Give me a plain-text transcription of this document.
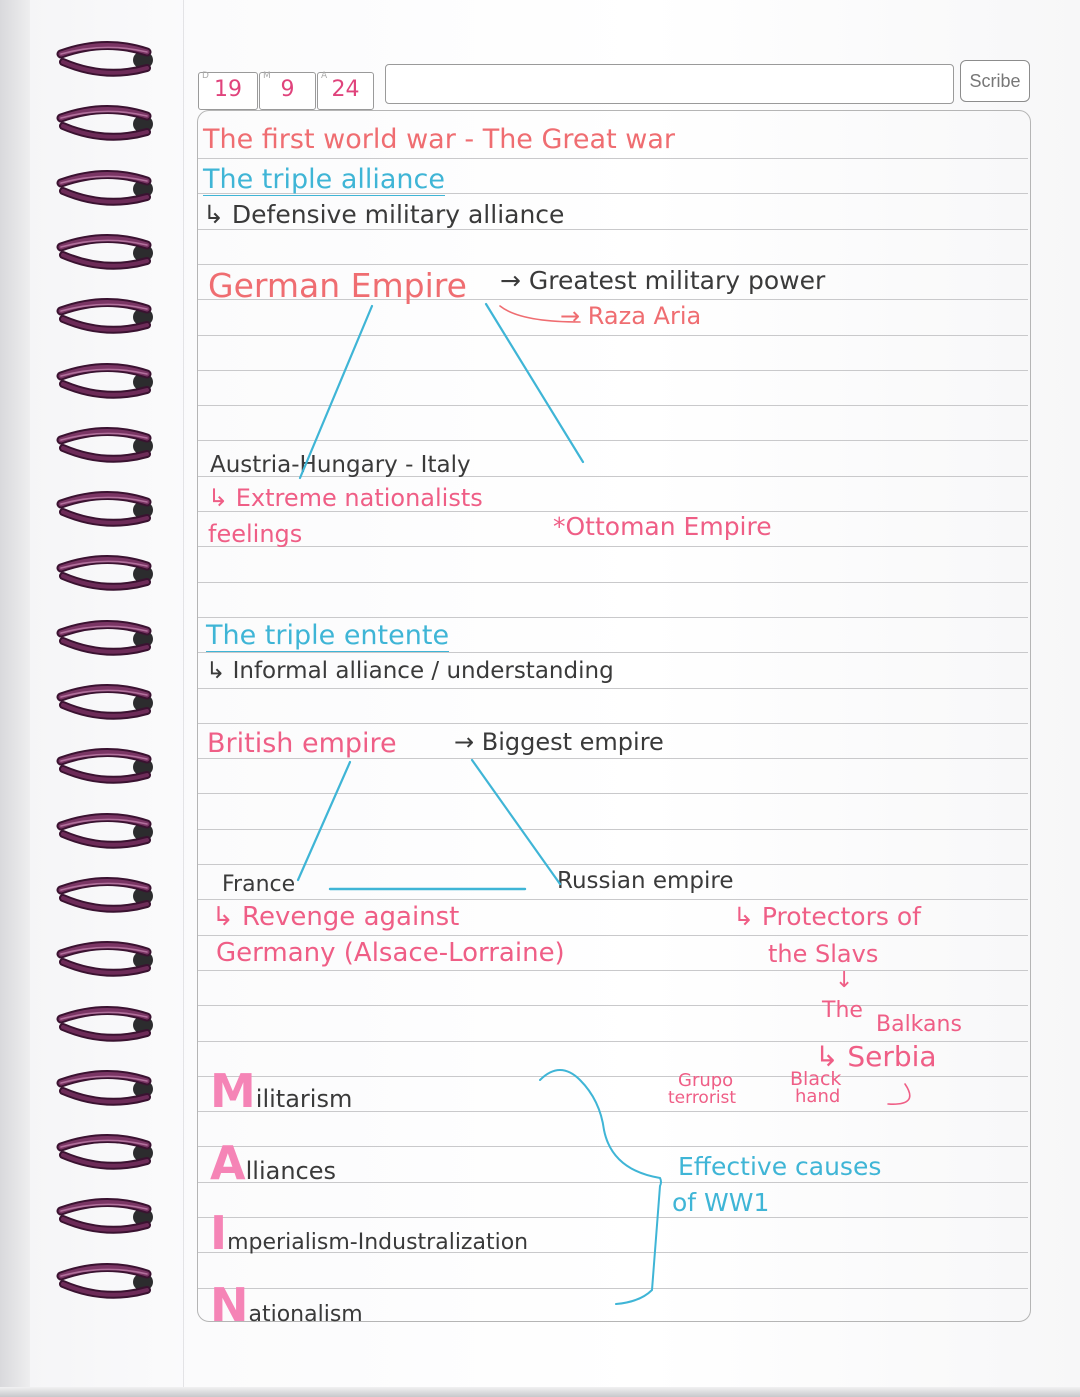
D
19
M
9
A
24	Scribe
The first world war - The Great war
The triple alliance
↳ Defensive military alliance
German Empire → Greatest military power
→ Raza Aria
Austria-Hungary - Italy
↳ Extreme nationalists
feelings	*Ottoman Empire
The triple entente
↳ Informal alliance / understanding
British empire → Biggest empire
France	Russian empire
↳ Revenge against
Germany (Alsace-Lorraine)
↳ Protectors of
the Slavs
↓
The
Balkans
↳ Serbia
Grupo
terrorist
Black
hand
Militarism
Alliances
Imperialism-Industralization
Nationalism
Effective causes
of WW1
